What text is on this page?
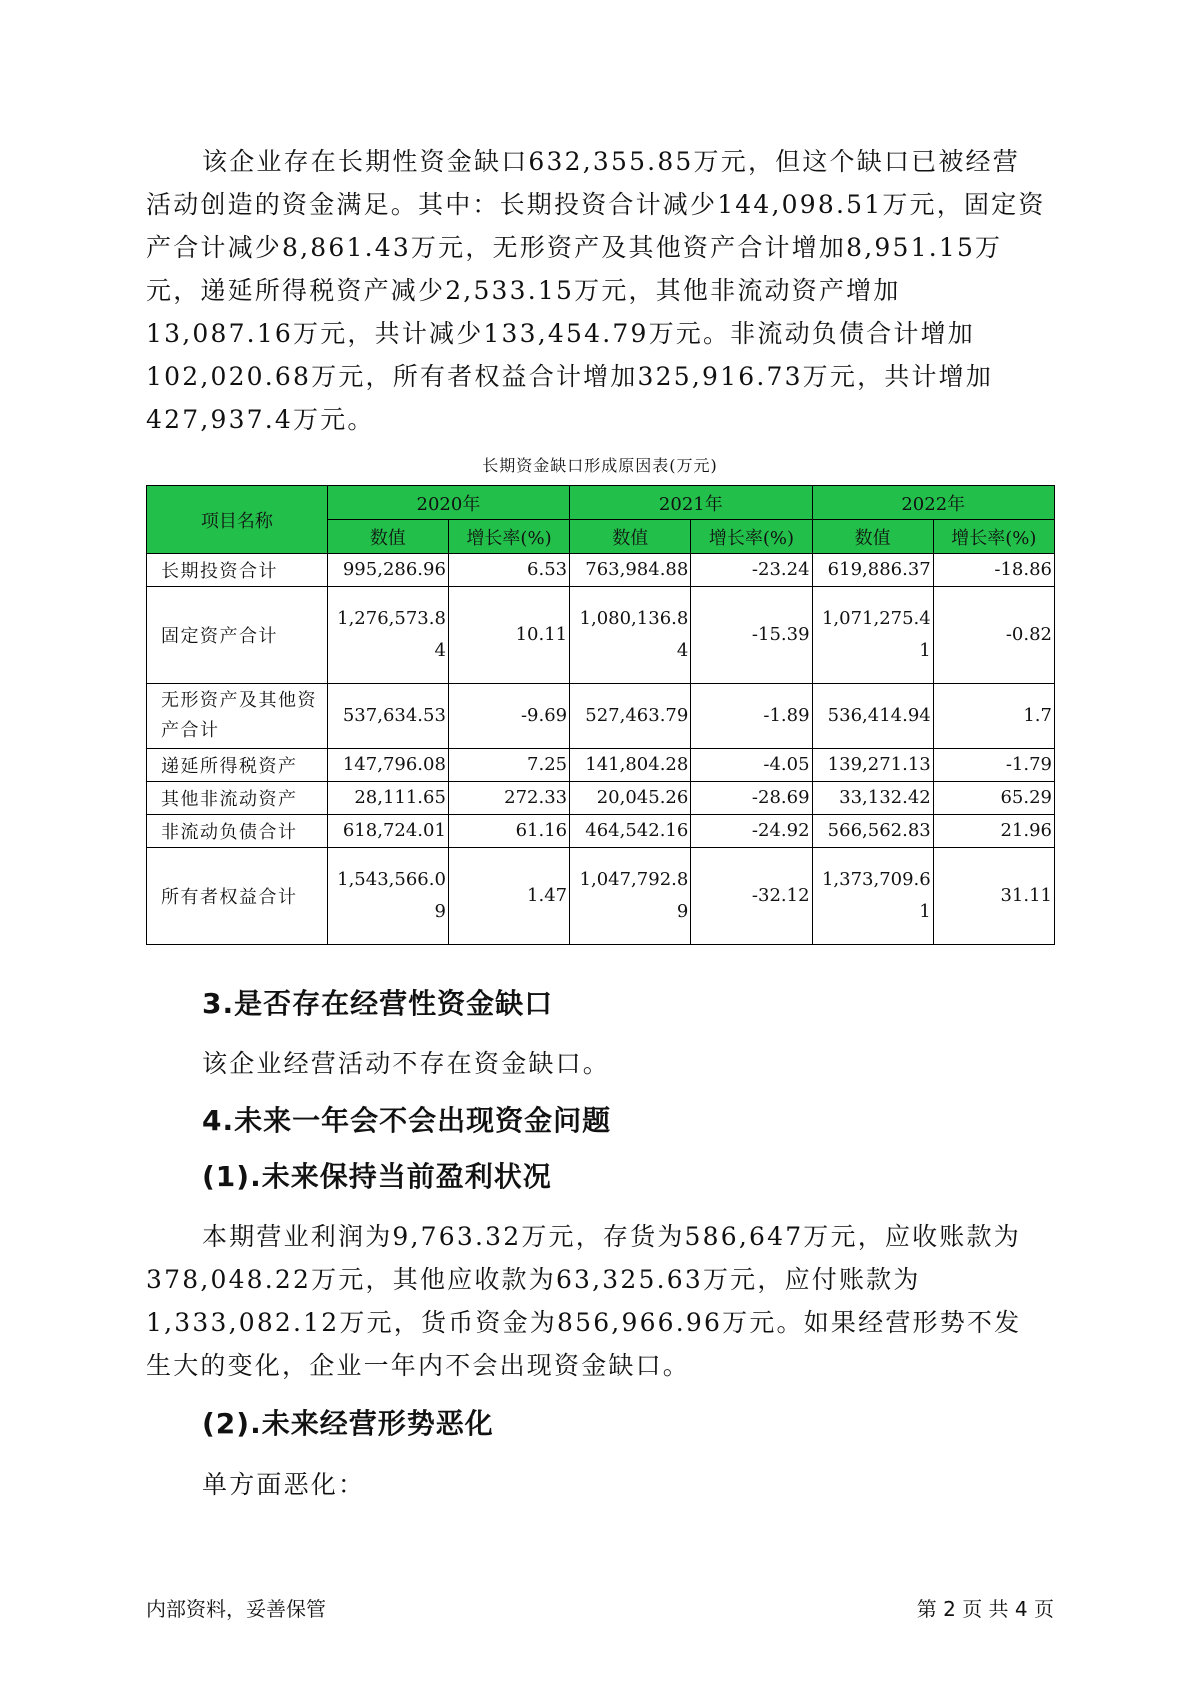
该企业存在长期性资金缺口632,355.85万元，但这个缺口已被经营活动创造的资金满足。其中：长期投资合计减少144,098.51万元，固定资产合计减少8,861.43万元，无形资产及其他资产合计增加8,951.15万元，递延所得税资产减少2,533.15万元，其他非流动资产增加13,087.16万元，共计减少133,454.79万元。非流动负债合计增加102,020.68万元，所有者权益合计增加325,916.73万元，共计增加427,937.4万元。

长期资金缺口形成原因表(万元)
项目名称	2020年		2021年		2022年	
	数值	增长率(%)	数值	增长率(%)	数值	增长率(%)
长期投资合计	995,286.96	6.53	763,984.88	-23.24	619,886.37	-18.86
固定资产合计	1,276,573.84	10.11	1,080,136.84	-15.39	1,071,275.41	-0.82
无形资产及其他资产合计	537,634.53	-9.69	527,463.79	-1.89	536,414.94	1.7
递延所得税资产	147,796.08	7.25	141,804.28	-4.05	139,271.13	-1.79
其他非流动资产	28,111.65	272.33	20,045.26	-28.69	33,132.42	65.29
非流动负债合计	618,724.01	61.16	464,542.16	-24.92	566,562.83	21.96
所有者权益合计	1,543,566.09	1.47	1,047,792.89	-32.12	1,373,709.61	31.11
3.是否存在经营性资金缺口

该企业经营活动不存在资金缺口。

4.未来一年会不会出现资金问题
(1).未来保持当前盈利状况

本期营业利润为9,763.32万元，存货为586,647万元，应收账款为378,048.22万元，其他应收款为63,325.63万元，应付账款为1,333,082.12万元，货币资金为856,966.96万元。如果经营形势不发生大的变化，企业一年内不会出现资金缺口。

(2).未来经营形势恶化

单方面恶化：

内部资料，妥善保管	第 2 页 共 4 页
